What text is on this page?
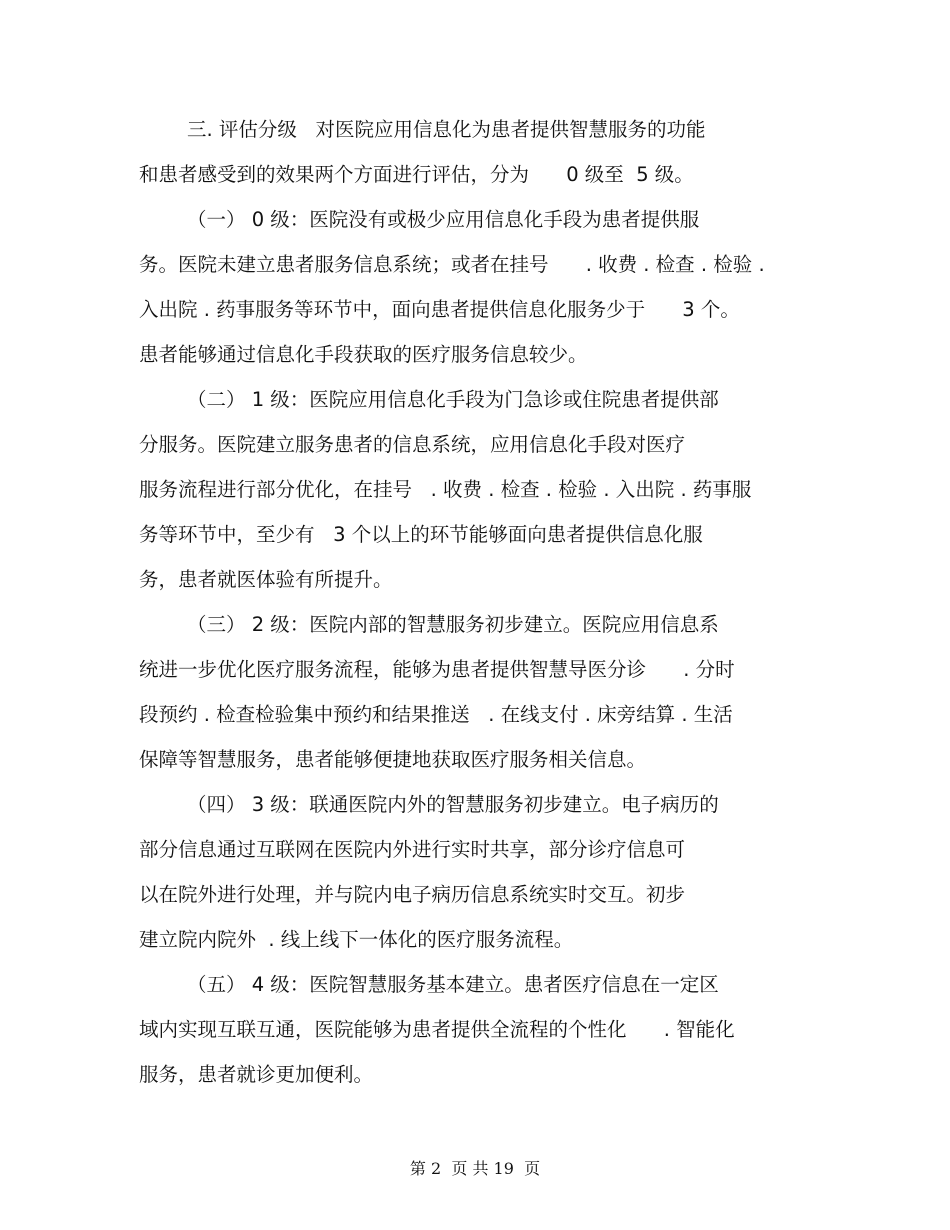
三. 评估分级   对医院应用信息化为患者提供智慧服务的功能
和患者感受到的效果两个方面进行评估，分为      0 级至  5 级。
（一） 0 级：医院没有或极少应用信息化手段为患者提供服
务。医院未建立患者服务信息系统；或者在挂号      . 收费 . 检查 . 检验 .
入出院 . 药事服务等环节中，面向患者提供信息化服务少于      3 个。
患者能够通过信息化手段获取的医疗服务信息较少。
（二） 1 级：医院应用信息化手段为门急诊或住院患者提供部
分服务。医院建立服务患者的信息系统，应用信息化手段对医疗
服务流程进行部分优化，在挂号   . 收费 . 检查 . 检验 . 入出院 . 药事服
务等环节中，至少有   3 个以上的环节能够面向患者提供信息化服
务，患者就医体验有所提升。
（三） 2 级：医院内部的智慧服务初步建立。医院应用信息系
统进一步优化医疗服务流程，能够为患者提供智慧导医分诊      . 分时
段预约 . 检查检验集中预约和结果推送   . 在线支付 . 床旁结算 . 生活
保障等智慧服务，患者能够便捷地获取医疗服务相关信息。
（四） 3 级：联通医院内外的智慧服务初步建立。电子病历的
部分信息通过互联网在医院内外进行实时共享，部分诊疗信息可
以在院外进行处理，并与院内电子病历信息系统实时交互。初步
建立院内院外  . 线上线下一体化的医疗服务流程。
（五） 4 级：医院智慧服务基本建立。患者医疗信息在一定区
域内实现互联互通，医院能够为患者提供全流程的个性化      . 智能化
服务，患者就诊更加便利。
第 2  页 共 19  页
